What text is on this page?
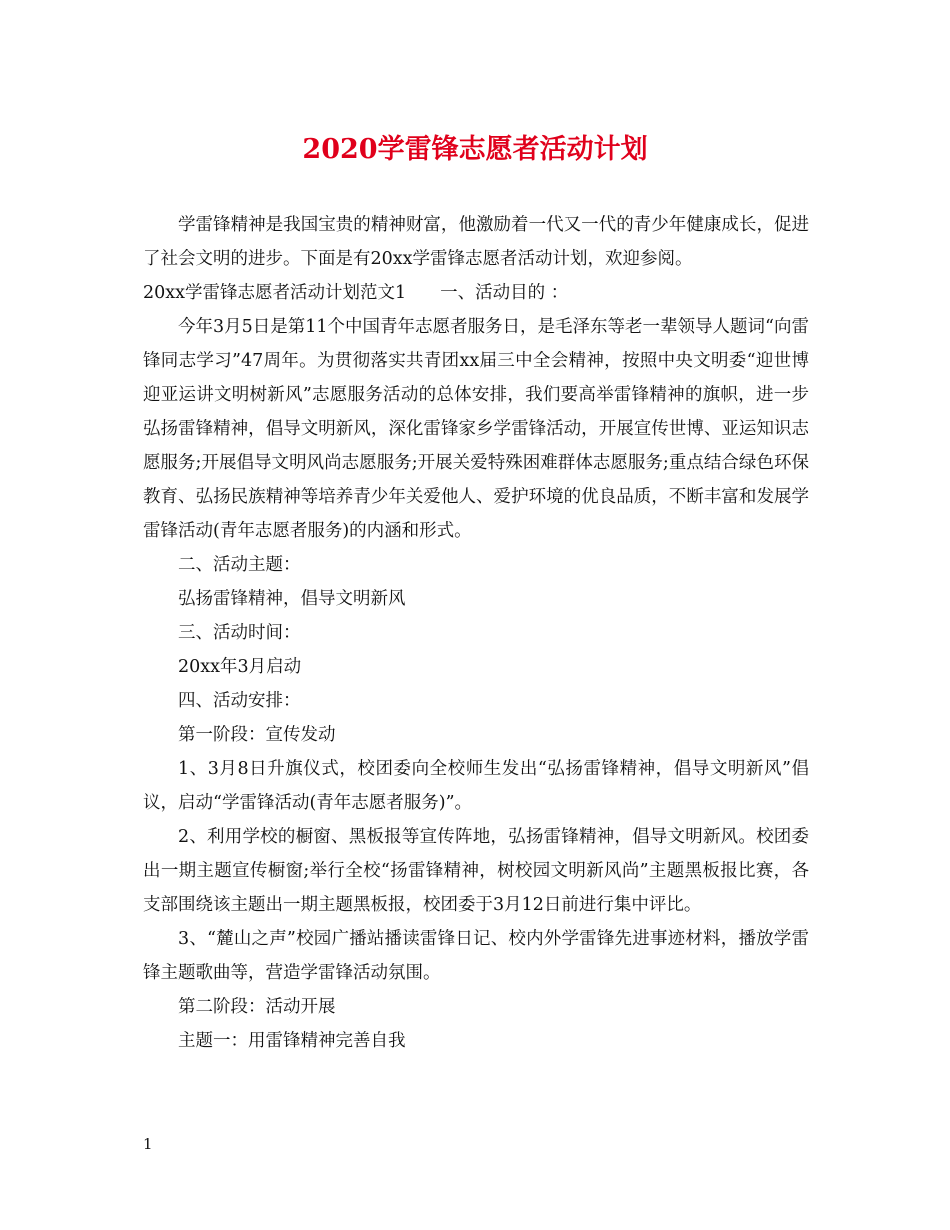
2020学雷锋志愿者活动计划

学雷锋精神是我国宝贵的精神财富，他激励着一代又一代的青少年健康成长，促进了社会文明的进步。下面是有20xx学雷锋志愿者活动计划，欢迎参阅。

20xx学雷锋志愿者活动计划范文1 一、活动目的 ：

今年3月5日是第11个中国青年志愿者服务日，是毛泽东等老一辈领导人题词“向雷锋同志学习”47周年。为贯彻落实共青团xx届三中全会精神，按照中央文明委“迎世博迎亚运讲文明树新风”志愿服务活动的总体安排，我们要高举雷锋精神的旗帜，进一步弘扬雷锋精神，倡导文明新风，深化雷锋家乡学雷锋活动，开展宣传世博、亚运知识志愿服务;开展倡导文明风尚志愿服务;开展关爱特殊困难群体志愿服务;重点结合绿色环保教育、弘扬民族精神等培养青少年关爱他人、爱护环境的优良品质，不断丰富和发展学雷锋活动(青年志愿者服务)的内涵和形式。

二、活动主题：

弘扬雷锋精神，倡导文明新风

三、活动时间：

20xx年3月启动

四、活动安排：

第一阶段：宣传发动

1、3月8日升旗仪式，校团委向全校师生发出“弘扬雷锋精神，倡导文明新风”倡议，启动“学雷锋活动(青年志愿者服务)”。

2、利用学校的橱窗、黑板报等宣传阵地，弘扬雷锋精神，倡导文明新风。校团委出一期主题宣传橱窗;举行全校“扬雷锋精神，树校园文明新风尚”主题黑板报比赛，各支部围绕该主题出一期主题黑板报，校团委于3月12日前进行集中评比。

3、“麓山之声”校园广播站播读雷锋日记、校内外学雷锋先进事迹材料，播放学雷锋主题歌曲等，营造学雷锋活动氛围。

第二阶段：活动开展

主题一：用雷锋精神完善自我

1
